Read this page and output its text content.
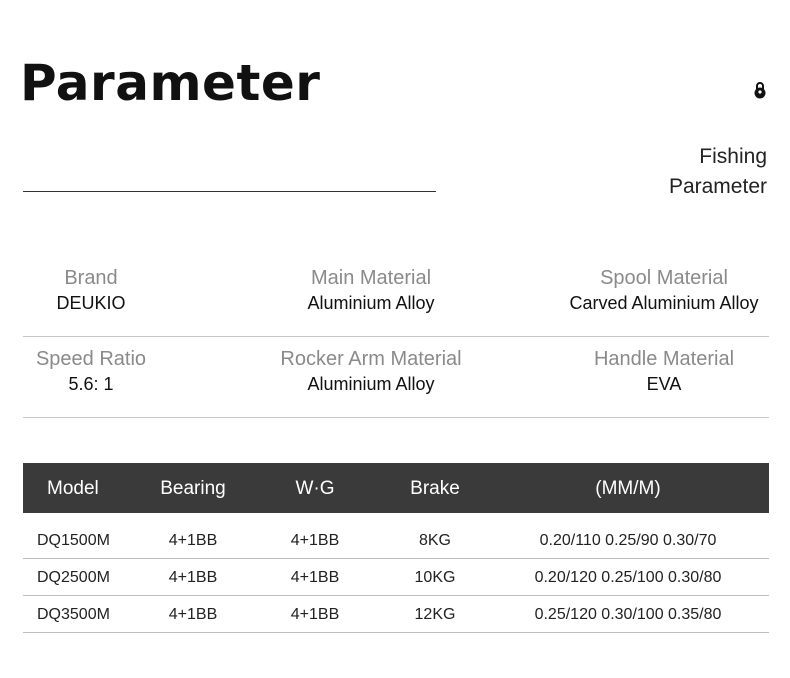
Parameter
Fishing
Parameter
Brand
DEUKIO
Main Material
Aluminium Alloy
Spool Material
Carved Aluminium Alloy
Speed Ratio
5.6: 1
Rocker Arm Material
Aluminium Alloy
Handle Material
EVA
Model	Bearing	W·G	Brake	(MM/M)
DQ1500M	4+1BB	4+1BB	8KG	0.20/110 0.25/90 0.30/70
DQ2500M	4+1BB	4+1BB	10KG	0.20/120 0.25/100 0.30/80
DQ3500M	4+1BB	4+1BB	12KG	0.25/120 0.30/100 0.35/80
